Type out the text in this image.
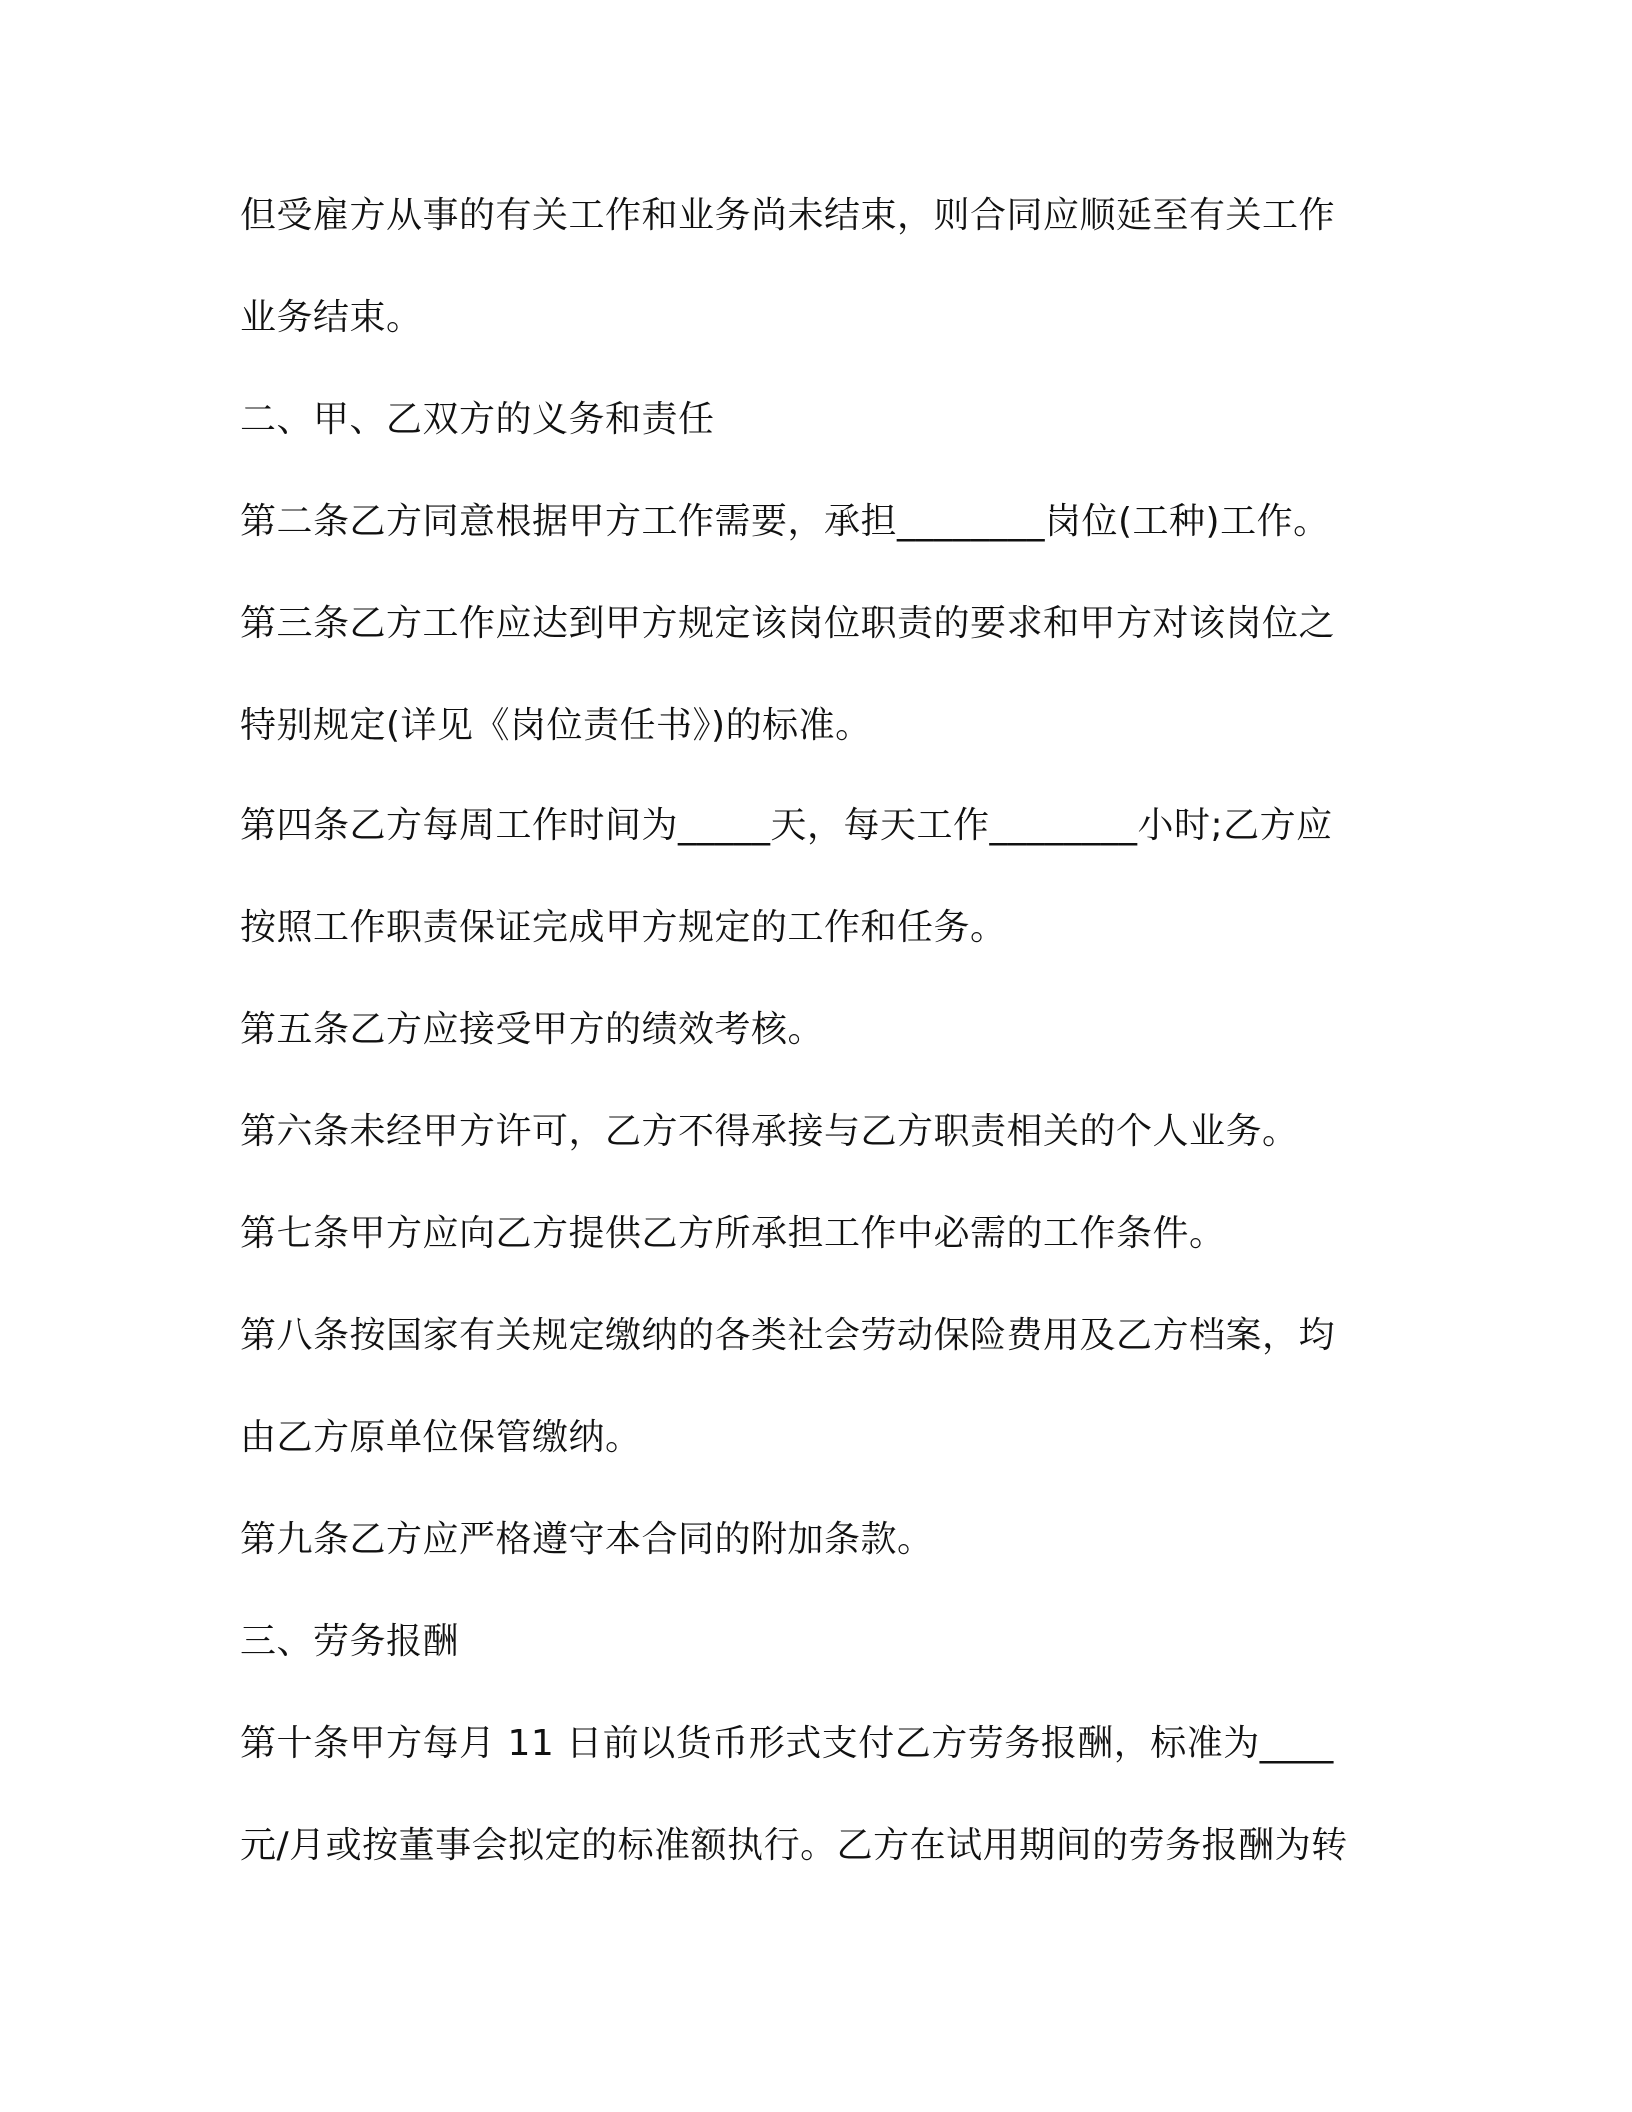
但受雇方从事的有关工作和业务尚未结束，则合同应顺延至有关工作
业务结束。
二、甲、乙双方的义务和责任
第二条乙方同意根据甲方工作需要，承担________岗位(工种)工作。
第三条乙方工作应达到甲方规定该岗位职责的要求和甲方对该岗位之
特别规定(详见《岗位责任书》)的标准。
第四条乙方每周工作时间为_____天，每天工作________小时;乙方应
按照工作职责保证完成甲方规定的工作和任务。
第五条乙方应接受甲方的绩效考核。
第六条未经甲方许可，乙方不得承接与乙方职责相关的个人业务。
第七条甲方应向乙方提供乙方所承担工作中必需的工作条件。
第八条按国家有关规定缴纳的各类社会劳动保险费用及乙方档案，均
由乙方原单位保管缴纳。
第九条乙方应严格遵守本合同的附加条款。
三、劳务报酬
第十条甲方每月 11 日前以货币形式支付乙方劳务报酬，标准为____
元/月或按董事会拟定的标准额执行。乙方在试用期间的劳务报酬为转
